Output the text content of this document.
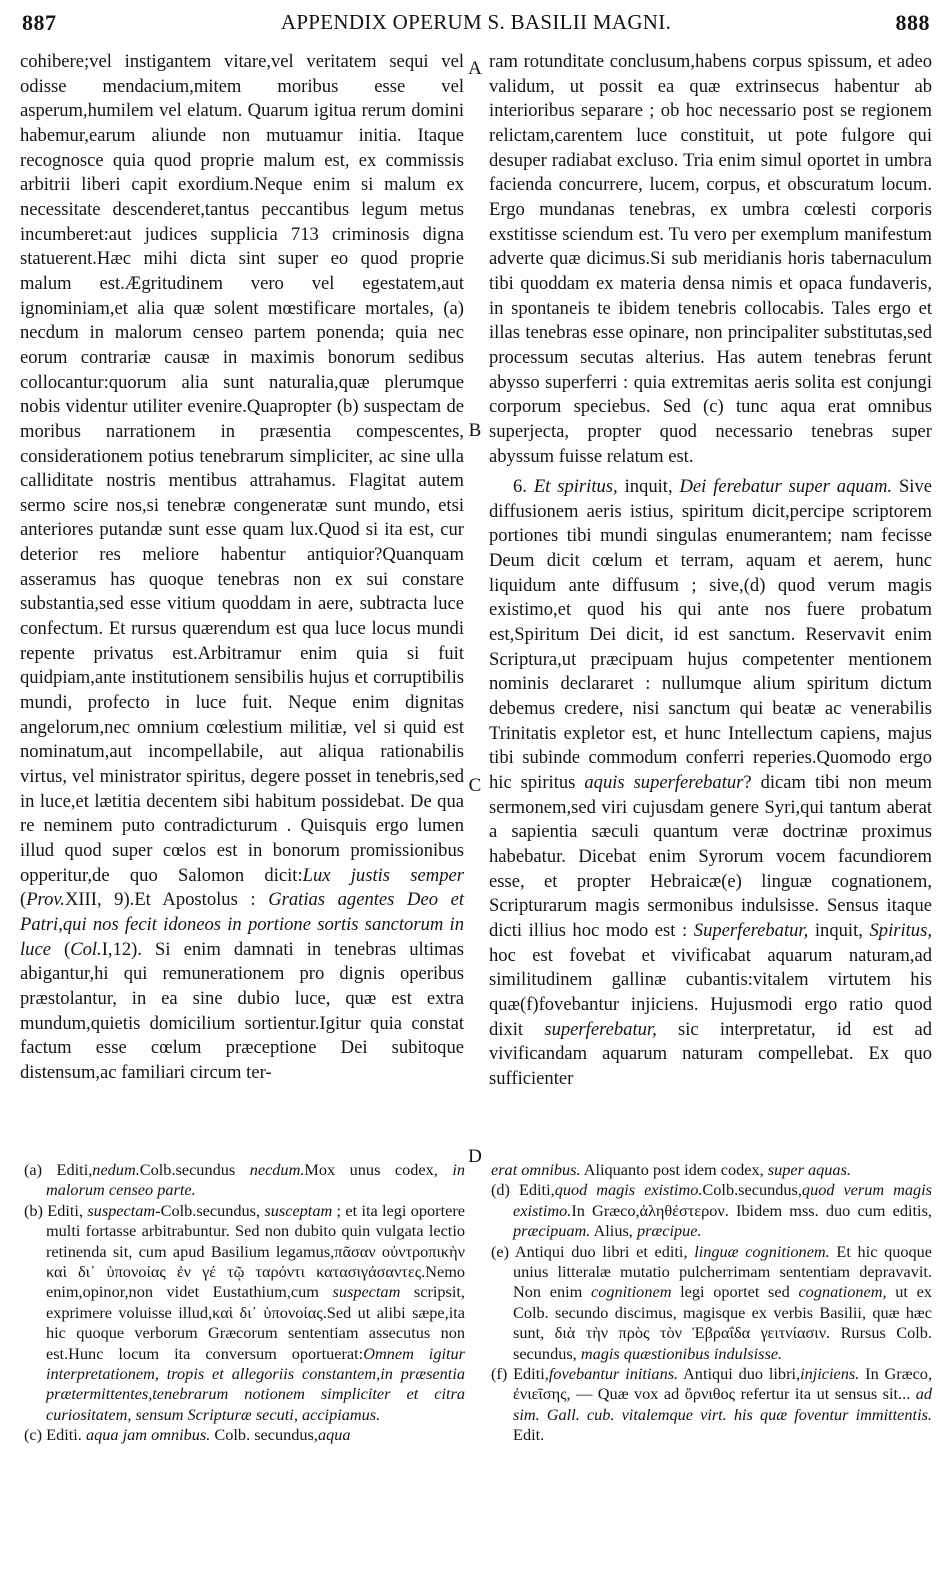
887	APPENDIX OPERUM S. BASILII MAGNI.	888
A
B
C
D

cohibere;vel instigantem vitare,vel veritatem sequi vel odisse mendacium,mitem moribus esse vel asperum,humilem vel elatum. Quarum igitua rerum domini habemur,earum aliunde non mutuamur initia. Itaque recognosce quia quod proprie malum est, ex commissis arbitrii liberi capit exordium.Neque enim si malum ex necessitate descenderet,tantus peccantibus legum metus incumberet:aut judices supplicia 713 criminosis digna statuerent.Hæc mihi dicta sint super eo quod proprie malum est.Ægritudinem vero vel egestatem,aut ignominiam,et alia quæ solent mœstificare mortales, (a) necdum in malorum censeo partem ponenda; quia nec eorum contrariæ causæ in maximis bonorum sedibus collocantur:quorum alia sunt naturalia,quæ plerumque nobis videntur utiliter evenire.Quapropter (b) suspectam de moribus narrationem in præsentia compescentes, considerationem potius tenebrarum simpliciter, ac sine ulla calliditate nostris mentibus attrahamus. Flagitat autem sermo scire nos,si tenebræ congeneratæ sunt mundo, etsi anteriores putandæ sunt esse quam lux.Quod si ita est, cur deterior res meliore habentur antiquior?Quanquam asseramus has quoque tenebras non ex sui constare substantia,sed esse vitium quoddam in aere, subtracta luce confectum. Et rursus quærendum est qua luce locus mundi repente privatus est.Arbitramur enim quia si fuit quidpiam,ante institutionem sensibilis hujus et corruptibilis mundi, profecto in luce fuit. Neque enim dignitas angelorum,nec omnium cœlestium militiæ, vel si quid est nominatum,aut incompellabile, aut aliqua rationabilis virtus, vel ministrator spiritus, degere posset in tenebris,sed in luce,et lætitia decentem sibi habitum possidebat. De qua re neminem puto contradicturum . Quisquis ergo lumen illud quod super cœlos est in bonorum promissionibus opperitur,de quo Salomon dicit:Lux justis semper (Prov.XIII, 9).Et Apostolus : Gratias agentes Deo et Patri,qui nos fecit idoneos in portione sortis sanctorum in luce (Col.I,12). Si enim damnati in tenebras ultimas abigantur,hi qui remunerationem pro dignis operibus præstolantur, in ea sine dubio luce, quæ est extra mundum,quietis domicilium sortientur.Igitur quia constat factum esse cœlum præceptione Dei subitoque distensum,ac familiari circum ter-

ram rotunditate conclusum,habens corpus spissum, et adeo validum, ut possit ea quæ extrinsecus habentur ab interioribus separare ; ob hoc necessario post se regionem relictam,carentem luce constituit, ut pote fulgore qui desuper radiabat excluso. Tria enim simul oportet in umbra facienda concurrere, lucem, corpus, et obscuratum locum. Ergo mundanas tenebras, ex umbra cœlesti corporis exstitisse sciendum est. Tu vero per exemplum manifestum adverte quæ dicimus.Si sub meridianis horis tabernaculum tibi quoddam ex materia densa nimis et opaca fundaveris, in spontaneis te ibidem tenebris collocabis. Tales ergo et illas tenebras esse opinare, non principaliter substitutas,sed processum secutas alterius. Has autem tenebras ferunt abysso superferri : quia extremitas aeris solita est conjungi corporum speciebus. Sed (c) tunc aqua erat omnibus superjecta, propter quod necessario tenebras super abyssum fuisse relatum est.

6. Et spiritus, inquit, Dei ferebatur super aquam. Sive diffusionem aeris istius, spiritum dicit,percipe scriptorem portiones tibi mundi singulas enumerantem; nam fecisse Deum dicit cœlum et terram, aquam et aerem, hunc liquidum ante diffusum ; sive,(d) quod verum magis existimo,et quod his qui ante nos fuere probatum est,Spiritum Dei dicit, id est sanctum. Reservavit enim Scriptura,ut præcipuam hujus competenter mentionem nominis declararet : nullumque alium spiritum dictum debemus credere, nisi sanctum qui beatæ ac venerabilis Trinitatis expletor est, et hunc Intellectum capiens, majus tibi subinde commodum conferri reperies.Quomodo ergo hic spiritus aquis superferebatur? dicam tibi non meum sermonem,sed viri cujusdam genere Syri,qui tantum aberat a sapientia sæculi quantum veræ doctrinæ proximus habebatur. Dicebat enim Syrorum vocem facundiorem esse, et propter Hebraicæ(e) linguæ cognationem, Scripturarum magis sermonibus indulsisse. Sensus itaque dicti illius hoc modo est : Superferebatur, inquit, Spiritus, hoc est fovebat et vivificabat aquarum naturam,ad similitudinem gallinæ cubantis:vitalem virtutem his quæ(f)fovebantur injiciens. Hujusmodi ergo ratio quod dixit superferebatur, sic interpretatur, id est ad vivificandam aquarum naturam compellebat. Ex quo sufficienter

(a) Editi,nedum.Colb.secundus necdum.Mox unus codex, in malorum censeo parte.

(b) Editi, suspectam-Colb.secundus, susceptam ; et ita legi oportere multi fortasse arbitrabuntur. Sed non dubito quin vulgata lectio retinenda sit, cum apud Basilium legamus,πᾶσαν οὐντροπικὴν καὶ δι᾽ ὑπονοίας ἐν γέ τῷ ταρόντι κατασιγάσαντες.Nemo enim,opinor,non videt Eustathium,cum suspectam scripsit, exprimere voluisse illud,καὶ δι᾽ ὑπονοίας.Sed ut alibi sæpe,ita hic quoque verborum Græcorum sententiam assecutus non est.Hunc locum ita conversum oportuerat:Omnem igitur interpretationem, tropis et allegoriis constantem,in præsentia prætermittentes,tenebrarum notionem simpliciter et citra curiositatem, sensum Scripturæ secuti, accipiamus.

(c) Editi. aqua jam omnibus. Colb. secundus,aqua

erat omnibus. Aliquanto post idem codex, super aquas.

(d) Editi,quod magis existimo.Colb.secundus,quod verum magis existimo.In Græco,ἀληθέστερον. Ibidem mss. duo cum editis, præcipuam. Alius, præcipue.

(e) Antiqui duo libri et editi, linguæ cognitionem. Et hic quoque unius litteralæ mutatio pulcherrimam sententiam depravavit. Non enim cognitionem legi oportet sed cognationem, ut ex Colb. secundo discimus, magisque ex verbis Basilii, quæ hæc sunt, διὰ τὴν πρὸς τὸν Ἑβραΐδα γειτνίασιν. Rursus Colb. secundus, magis quæstionibus indulsisse.

(f) Editi,fovebantur initians. Antiqui duo libri,injiciens. In Græco, ἐνιεῖσης, — Quæ vox ad ὄρνιθος refertur ita ut sensus sit... ad sim. Gall. cub. vitalemque virt. his quæ foventur immittentis. Edit.
